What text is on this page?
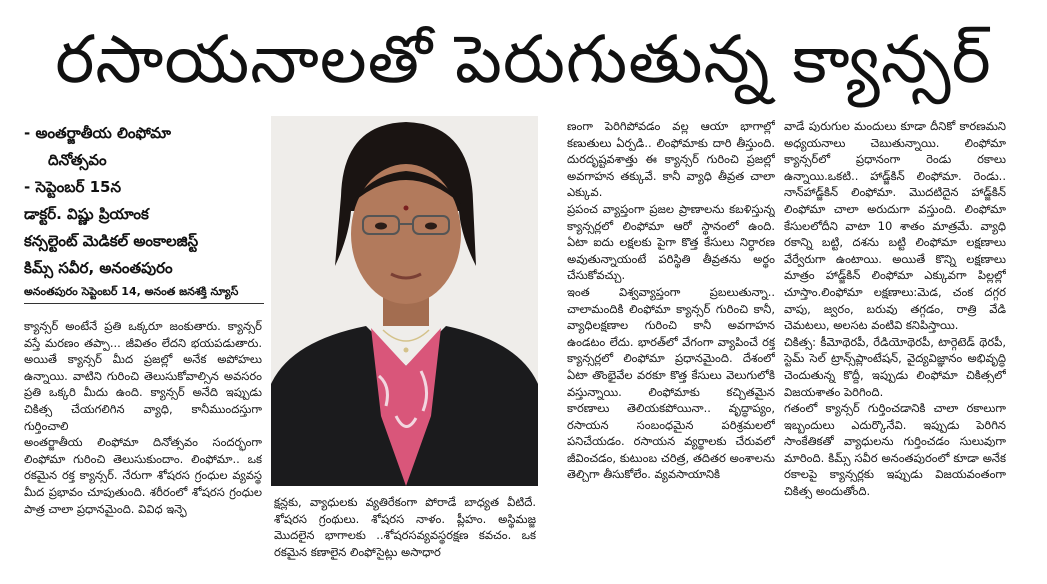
రసాయనాలతో పెరుగుతున్న క్యాన్సర్
- అంతర్జాతీయ లింఫోమా
దినోత్సవం
- సెప్టెంబర్ 15న
డాక్టర్. విష్ణు ప్రియాంక
కన్సల్టెంట్ మెడికల్ అంకాలజిస్ట్
కిమ్స్ సవీర, అనంతపురం
అనంతపురం సెప్టెంబర్ 14, అనంత జనశక్తి న్యూస్

క్యాన్సర్ అంటేనే ప్రతి ఒక్కరూ జంకుతారు. క్యాన్సర్ వస్తే మరణం తప్పా... జీవితం లేదని భయపడుతారు. అయితే క్యాన్సర్ మీద ప్రజల్లో అనేక అపోహలు ఉన్నాయి. వాటిని గురించి తెలుసుకోవాల్సిన అవసరం ప్రతి ఒక్కరి మీదు ఉంది. క్యాన్సర్ అనేది ఇప్పుడు చికిత్స చేయగలిగిన వ్యాధి, కానీముందస్తుగా గుర్తించాలి

అంతర్జాతీయ లింఫోమా దినోత్సవం సందర్భంగా లింఫోమా గురించి తెలుసుకుందాం. లింఫోమా.. ఒక రకమైన రక్త క్యాన్సర్. నేరుగా శోషరస గ్రంధుల వ్యవస్థ మీద ప్రభావం చూపుతుంది. శరీరంలో శోషరస గ్రంధుల పాత్ర చాలా ప్రధానమైంది. వివిధ ఇన్ఫె	క్షన్లకు, వ్యాధులకు వ్యతిరేకంగా పోరాడే బాధ్యత వీటిదే. శోషరస గ్రంథులు. శోషరస నాళం. ప్లీహం. అస్థిమజ్జ మొదలైన భాగాలకు ..శోషరసవ్యవస్థరక్షణ కవచం. ఒక రకమైన కణాలైన లింఫోసైట్లు అసాధార

ణంగా పెరిగిపోవడం వల్ల ఆయా భాగాల్లో కణుతులు ఏర్పడి.. లింఫోమాకు దారి తీస్తుంది. దురదృష్టవశాత్తు ఈ క్యాన్సర్ గురించి ప్రజల్లో అవగాహన తక్కువే. కానీ వ్యాధి తీవ్రత చాలా ఎక్కువ.

ప్రపంచ వ్యాప్తంగా ప్రజల ప్రాణాలను కబళిస్తున్న క్యాన్సర్లలో లింఫోమా ఆరో స్థానంలో ఉంది. ఏటా ఐదు లక్షలకు పైగా కొత్త కేసులు నిర్ధారణ అవుతున్నాయంటే పరిస్థితి తీవ్రతను అర్థం చేసుకోవచ్చు.

ఇంత విశ్వవ్యాప్తంగా ప్రబలుతున్నా.. చాలామందికి లింఫోమా క్యాన్సర్ గురించి కానీ, వ్యాధిలక్షణాల గురించి కానీ అవగాహన ఉండటం లేదు. భారత్‌లో వేగంగా వ్యాపించే రక్త క్యాన్సర్లలో లింఫోమా ప్రధానమైంది. దేశంలో ఏటా తొంభైవేల వరకూ కొత్త కేసులు వెలుగులోకి వస్తున్నాయి. లింఫోమాకు కచ్చితమైన కారణాలు తెలియకపోయినా.. వృద్ధాప్యం, రసాయన సంబంధమైన పరిశ్రమలలో పనిచేయడం. రసాయన వ్యర్థాలకు చేరువలో జీవించడం, కుటుంబ చరిత్ర, తదితర అంశాలను తెల్చిగా తీసుకోలేం. వ్యవసాయానికి

వాడే పురుగుల మందులు కూడా దీనికో కారణమని అధ్యయనాలు చెబుతున్నాయి. లింఫోమా క్యాన్సర్‌లో ప్రధానంగా రెండు రకాలు ఉన్నాయి.ఒకటి.. హాడ్జ్‌కిన్ లింఫోమా. రెండు.. నాన్‌హాడ్జ్‌కిన్ లింఫోమా. మొదటిదైన హాడ్జ్‌కిన్ లింఫోమా చాలా అరుదుగా వస్తుంది. లింఫోమా కేసులలోదీని వాటా 10 శాతం మాత్రమే. వ్యాధి రకాన్ని బట్టి, దశను బట్టి లింఫోమా లక్షణాలు వేర్వేరుగా ఉంటాయి. అయితే కొన్ని లక్షణాలు మాత్రం హాడ్జ్‌కిన్ లింఫోమా ఎక్కువగా పిల్లల్లో చూస్తాం.లింఫోమా లక్షణాలు:మెడ, చంక దగ్గర వాపు, జ్వరం, బరువు తగ్గడం, రాత్రి వేడి చెమటలు, అలసట వంటివి కనిపిస్తాయి.

చికిత్స: కీమోథెరపీ, రేడియోథెరపీ, టార్గెటెడ్ థెరపీ, స్టెమ్ సెల్ ట్రాన్స్‌ప్లాంటేషన్, వైద్యవిజ్ఞానం అభివృద్ధి చెందుతున్న కొద్దీ, ఇప్పుడు లింఫోమా చికిత్సలో విజయశాతం పెరిగింది.

గతంలో క్యాన్సర్ గుర్తించడానికి చాలా రకాలుగా ఇబ్బందులు ఎదుర్కొనేవి. ఇప్పుడు పెరిగిన సాంకేతికతో వ్యాధులను గుర్తించడం సులువుగా మారింది. కిమ్స్ సవీర అనంతపురంలో కూడా అనేక రకాలపై క్యాన్సర్లకు ఇప్పుడు విజయవంతంగా చికిత్స అందుతోంది.
